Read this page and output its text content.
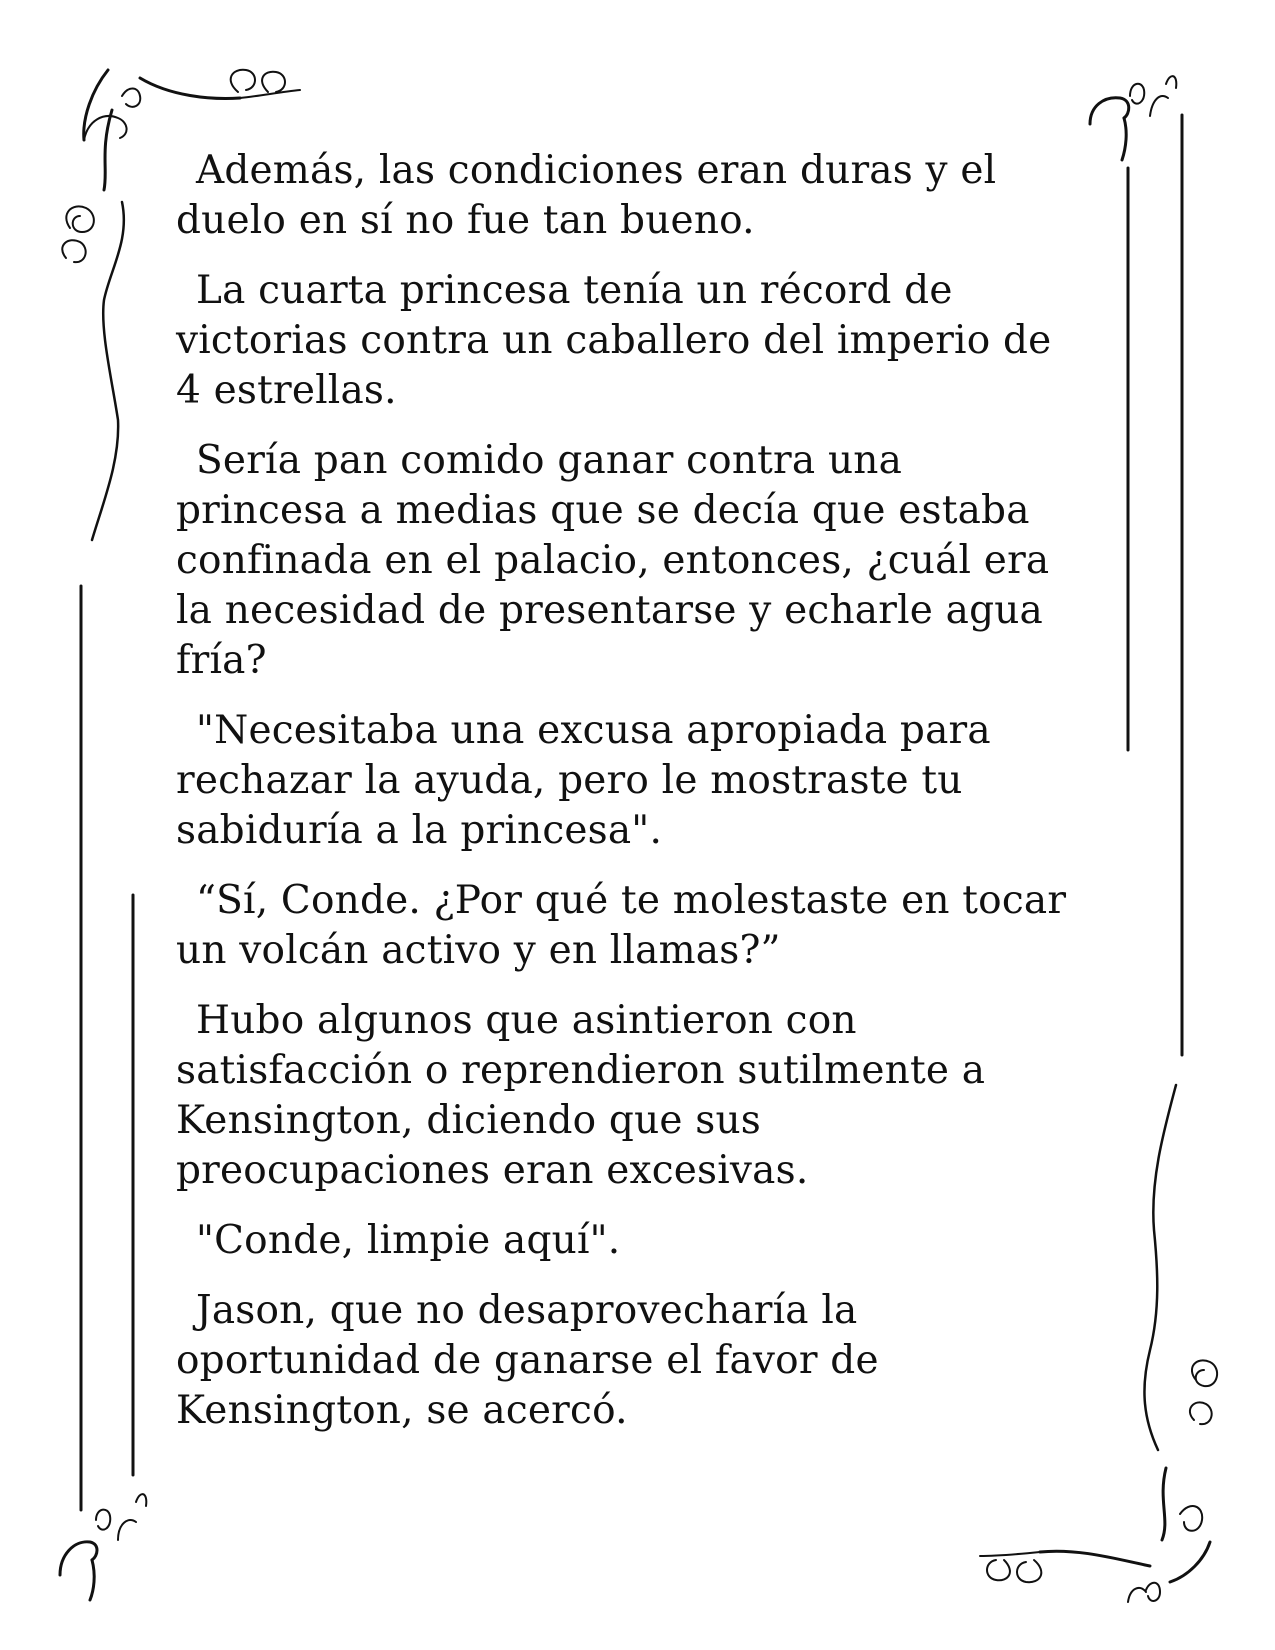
Además, las condiciones eran duras y el duelo en sí no fue tan bueno.

La cuarta princesa tenía un récord de victorias contra un caballero del imperio de 4 estrellas.

Sería pan comido ganar contra una princesa a medias que se decía que estaba confinada en el palacio, entonces, ¿cuál era la necesidad de presentarse y echarle agua fría?

"Necesitaba una excusa apropiada para rechazar la ayuda, pero le mostraste tu sabiduría a la princesa".

“Sí, Conde. ¿Por qué te molestaste en tocar un volcán activo y en llamas?”

Hubo algunos que asintieron con satisfacción o reprendieron sutilmente a Kensington, diciendo que sus preocupaciones eran excesivas.

"Conde, limpie aquí".

Jason, que no desaprovecharía la oportunidad de ganarse el favor de Kensington, se acercó.
